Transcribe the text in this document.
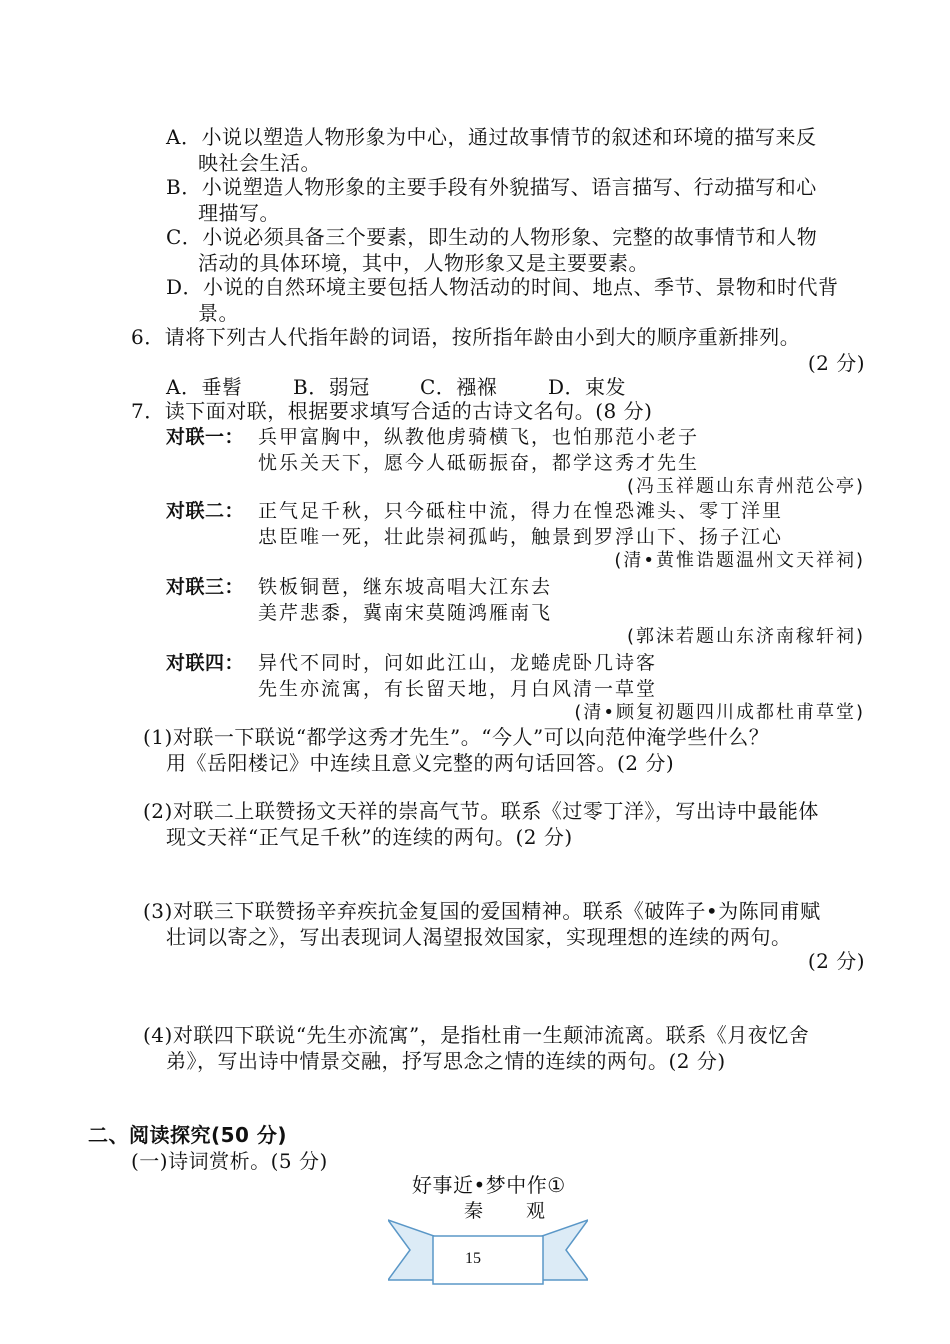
A．小说以塑造人物形象为中心，通过故事情节的叙述和环境的描写来反
映社会生活。
B．小说塑造人物形象的主要手段有外貌描写、语言描写、行动描写和心
理描写。
C．小说必须具备三个要素，即生动的人物形象、完整的故事情节和人物
活动的具体环境，其中，人物形象又是主要要素。
D．小说的自然环境主要包括人物活动的时间、地点、季节、景物和时代背
景。
6．请将下列古人代指年龄的词语，按所指年龄由小到大的顺序重新排列。
(2 分)
A．垂髫	B．弱冠	C．襁褓	D．束发
7．读下面对联，根据要求填写合适的古诗文名句。(8 分)
对联一： 兵甲富胸中，纵教他虏骑横飞，也怕那范小老子
忧乐关天下，愿今人砥砺振奋，都学这秀才先生
(冯玉祥题山东青州范公亭)
对联二： 正气足千秋，只今砥柱中流，得力在惶恐滩头、零丁洋里
忠臣唯一死，壮此崇祠孤屿，触景到罗浮山下、扬子江心
(清•黄惟诰题温州文天祥祠)
对联三： 铁板铜琶，继东坡高唱大江东去
美芹悲黍，冀南宋莫随鸿雁南飞
(郭沫若题山东济南稼轩祠)
对联四： 异代不同时，问如此江山，龙蜷虎卧几诗客
先生亦流寓，有长留天地，月白风清一草堂
(清•顾复初题四川成都杜甫草堂)
(1)对联一下联说“都学这秀才先生”。“今人”可以向范仲淹学些什么？
用《岳阳楼记》中连续且意义完整的两句话回答。(2 分)
(2)对联二上联赞扬文天祥的崇高气节。联系《过零丁洋》，写出诗中最能体
现文天祥“正气足千秋”的连续的两句。(2 分)
(3)对联三下联赞扬辛弃疾抗金复国的爱国精神。联系《破阵子•为陈同甫赋
壮词以寄之》，写出表现词人渴望报效国家，实现理想的连续的两句。
(2 分)
(4)对联四下联说“先生亦流寓”，是指杜甫一生颠沛流离。联系《月夜忆舍
弟》，写出诗中情景交融，抒写思念之情的连续的两句。(2 分)
二、阅读探究(50 分)
(一)诗词赏析。(5 分)
好事近•梦中作①
秦　观
15
